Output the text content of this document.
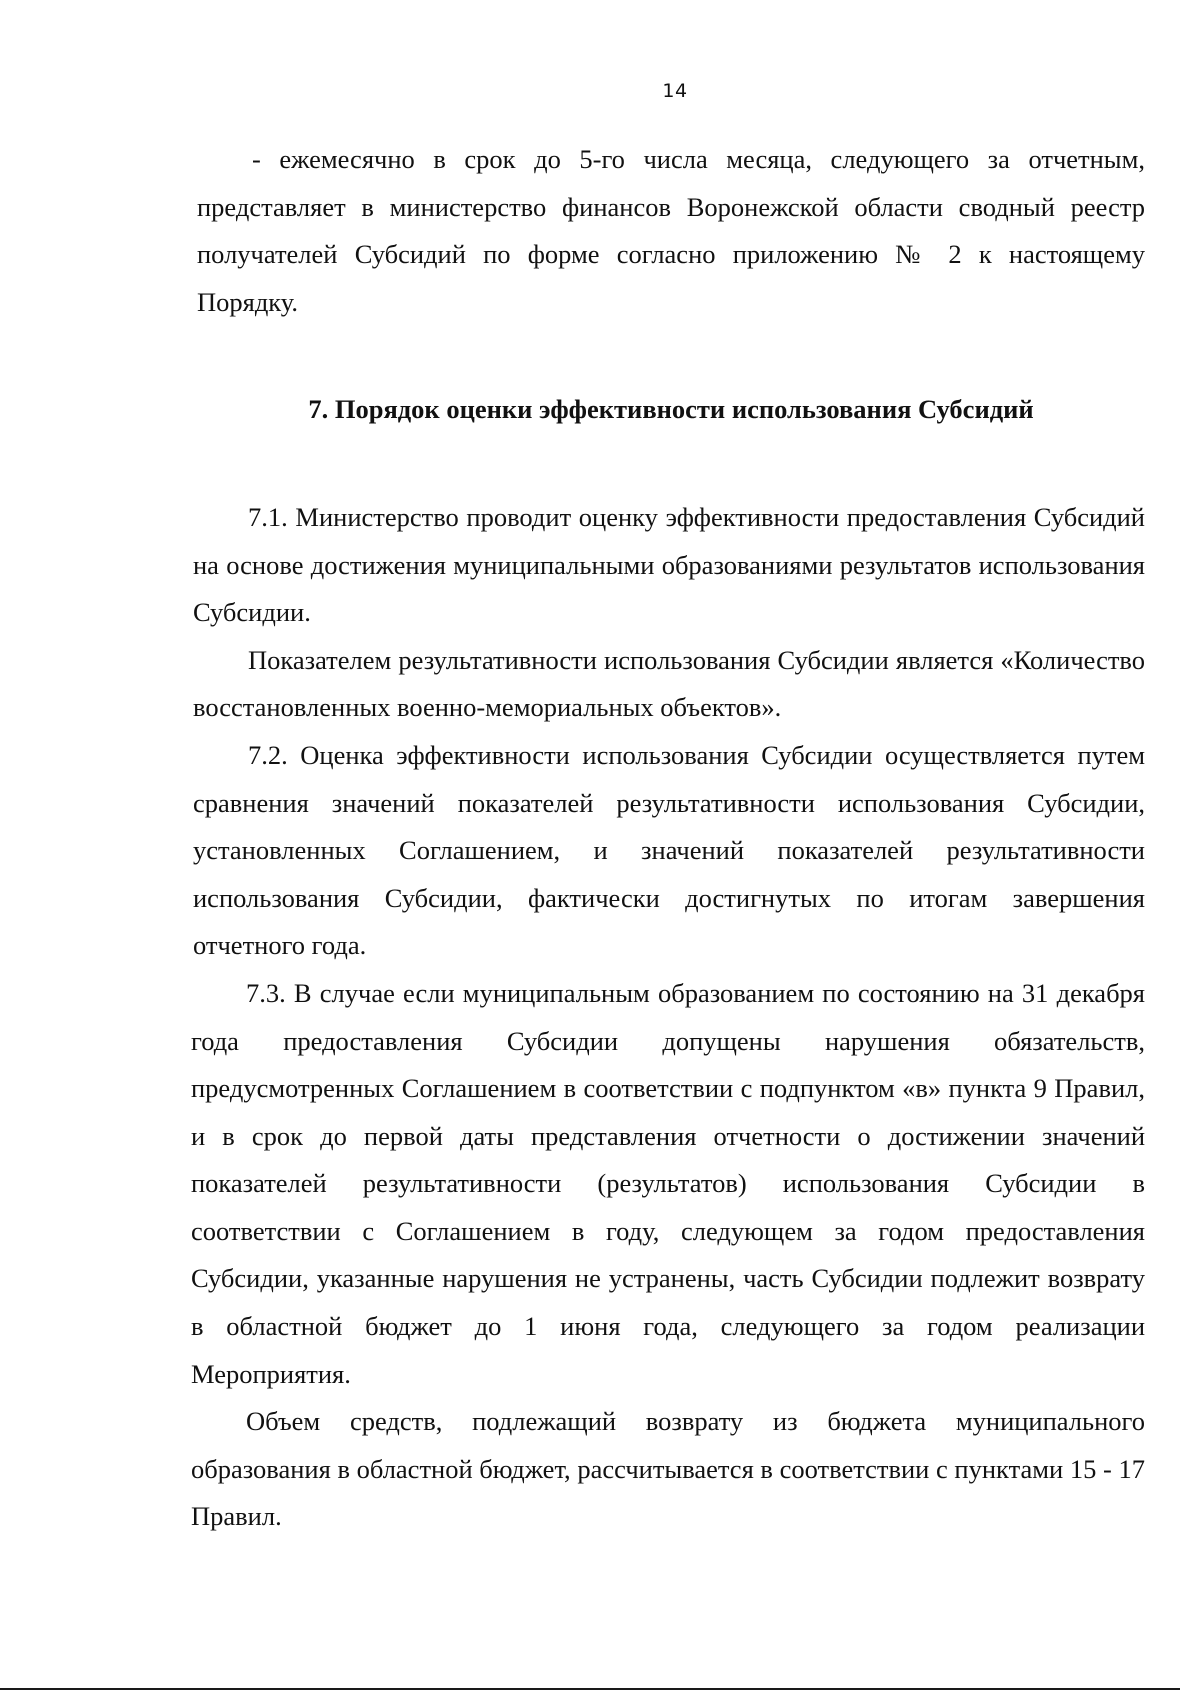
14

- ежемесячно в срок до 5-го числа месяца, следующего за отчетным, представляет в министерство финансов Воронежской области сводный реестр получателей Субсидий по форме согласно приложению № 2 к настоящему Порядку.

7. Порядок оценки эффективности использования Субсидий

7.1. Министерство проводит оценку эффективности предоставления Субсидий на основе достижения муниципальными образованиями результатов использования Субсидии.

Показателем результативности использования Субсидии является «Количество восстановленных военно-мемориальных объектов».

7.2. Оценка эффективности использования Субсидии осуществляется путем сравнения значений показателей результативности использования Субсидии, установленных Соглашением, и значений показателей результативности использования Субсидии, фактически достигнутых по итогам завершения отчетного года.

7.3. В случае если муниципальным образованием по состоянию на 31 декабря года предоставления Субсидии допущены нарушения обязательств, предусмотренных Соглашением в соответствии с подпунктом «в» пункта 9 Правил, и в срок до первой даты представления отчетности о достижении значений показателей результативности (результатов) использования Субсидии в соответствии с Соглашением в году, следующем за годом предоставления Субсидии, указанные нарушения не устранены, часть Субсидии подлежит возврату в областной бюджет до 1 июня года, следующего за годом реализации Мероприятия.

Объем средств, подлежащий возврату из бюджета муниципального образования в областной бюджет, рассчитывается в соответствии с пунктами 15 - 17 Правил.
